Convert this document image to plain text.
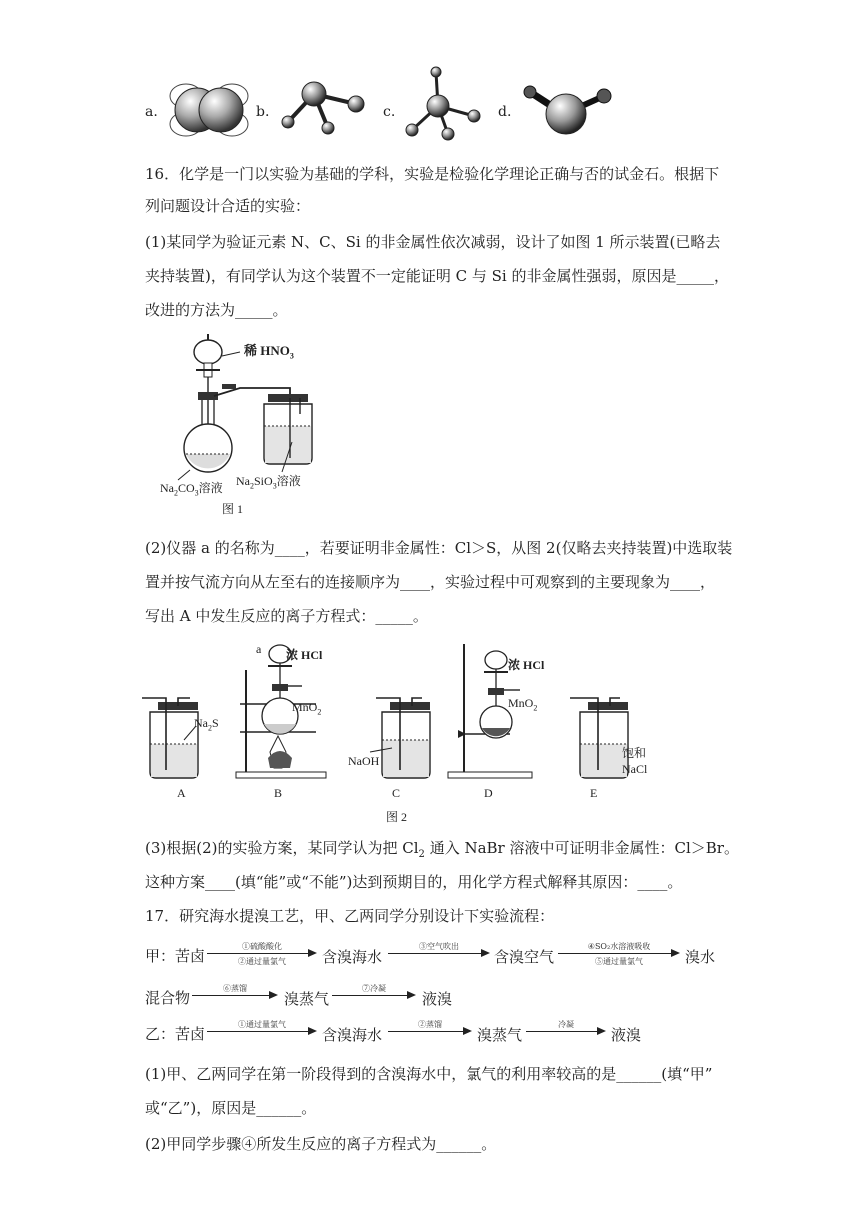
a.	b.	c.	d.
16．化学是一门以实验为基础的学科，实验是检验化学理论正确与否的试金石。根据下
列问题设计合适的实验：
(1)某同学为验证元素 N、C、Si 的非金属性依次减弱，设计了如图 1 所示装置(已略去
夹持装置)，有同学认为这个装置不一定能证明 C 与 Si 的非金属性强弱，原因是_____，
改进的方法为_____。
稀 $HNO_3$
$Na_2CO_3$溶液 $Na_2SiO_3$溶液
图 1
(2)仪器 a 的名称为____，若要证明非金属性：Cl＞S，从图 2(仅略去夹持装置)中选取装
置并按气流方向从左至右的连接顺序为____，实验过程中可观察到的主要现象为____，
写出 A 中发生反应的离子方程式：_____。
a 浓 HCl
MnO$_2$
浓 HCl
MnO$_2$
$Na_2S$
NaOH
饱和
NaCl
A	B	C	D	E
图 2
(3)根据(2)的实验方案，某同学认为把 $Cl_2$ 通入 NaBr 溶液中可证明非金属性：Cl＞Br。
这种方案____(填“能”或“不能”)达到预期目的，用化学方程式解释其原因：____。
17．研究海水提溴工艺，甲、乙两同学分别设计下实验流程：
甲：苦卤
①硫酸酸化
②通过量氯气	含溴海水
③空气吹出
含溴空气
④SO₂水溶液吸收
⑤通过量氯气	溴水
混合物
⑥蒸馏
溴蒸气
⑦冷凝
液溴
乙：苦卤
①通过量氯气
含溴海水
②蒸馏
溴蒸气
冷凝
液溴
(1)甲、乙两同学在第一阶段得到的含溴海水中，氯气的利用率较高的是______(填“甲”
或“乙”)，原因是______。
(2)甲同学步骤④所发生反应的离子方程式为______。
